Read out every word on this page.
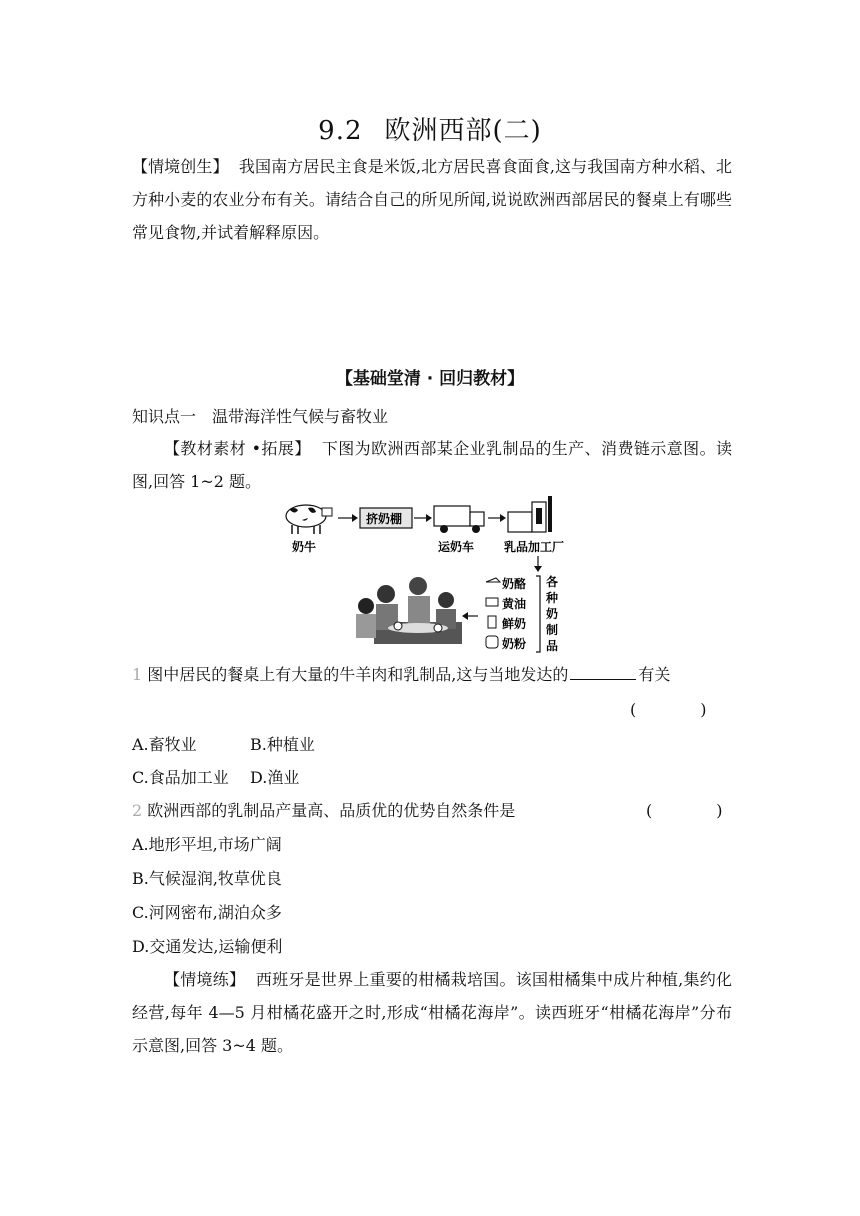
9.2 欧洲西部(二)
【情境创生】 我国南方居民主食是米饭,北方居民喜食面食,这与我国南方种水稻、北方种小麦的农业分布有关。请结合自己的所见所闻,说说欧洲西部居民的餐桌上有哪些常见食物,并试着解释原因。
【基础堂清 · 回归教材】
知识点一　温带海洋性气候与畜牧业
【教材素材 •拓展】 下图为欧洲西部某企业乳制品的生产、消费链示意图。读图,回答 1~2 题。
奶牛
挤奶棚
运奶车 乳品加工厂
奶酪
黄油
鲜奶
奶粉
各 种 奶 制 品
1 图中居民的餐桌上有大量的牛羊肉和乳制品,这与当地发达的	有关
(　　　　)
A.畜牧业	B.种植业
C.食品加工业 D.渔业
2 欧洲西部的乳制品产量高、品质优的优势自然条件是	(　　　　)
A.地形平坦,市场广阔
B.气候湿润,牧草优良
C.河网密布,湖泊众多
D.交通发达,运输便利
【情境练】 西班牙是世界上重要的柑橘栽培国。该国柑橘集中成片种植,集约化经营,每年 4—5 月柑橘花盛开之时,形成“柑橘花海岸”。读西班牙“柑橘花海岸”分布示意图,回答 3~4 题。
